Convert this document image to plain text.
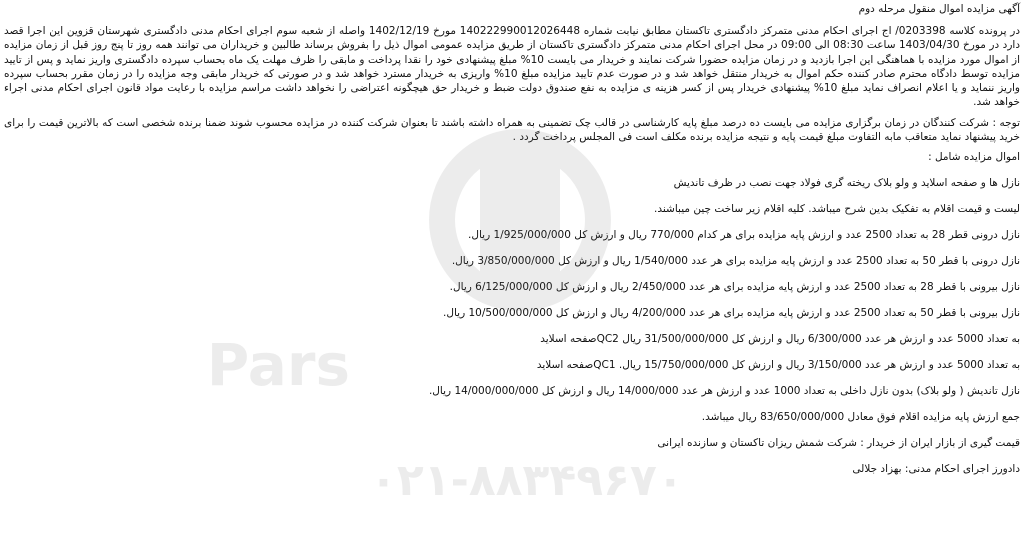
Pars
۰۲۱-۸۸۳۴۹۶۷۰

آگهی مزایده اموال منقول مرحله دوم

در پرونده کلاسه 0203398/ اج اجرای احکام مدنی متمرکز دادگستری تاکستان مطابق نیابت شماره 140222990012026448 مورخ 1402/12/19 واصله از شعبه سوم اجرای احکام مدنی دادگستری شهرستان قزوین این اجرا قصد دارد در مورخ 1403/04/30 ساعت 08:30 الی 09:00 در محل اجرای احکام مدنی متمرکز دادگستری تاکستان از طریق مزایده عمومی اموال ذیل را بفروش برساند طالبین و خریداران می توانند همه روز تا پنج روز قبل از زمان مزایده از اموال مورد مزایده با هماهنگی این اجرا بازدید و در زمان مزایده حضورا شرکت نمایند و خریدار می بایست 10% مبلغ پیشنهادی خود را نقدا پرداخت و مابقی را ظرف مهلت یک ماه بحساب سپرده دادگستری واریز نماید و پس از تایید مزایده توسط دادگاه محترم صادر کننده حکم اموال به خریدار منتقل خواهد شد و در صورت عدم تایید مزایده مبلغ 10% واریزی به خریدار مسترد خواهد شد و در صورتی که خریدار مابقی وجه مزایده را در زمان مقرر بحساب سپرده واریز ننماید و یا اعلام انصراف نماید مبلغ 10% پیشنهادی خریدار پس از کسر هزینه ی مزایده به نفع صندوق دولت ضبط و خریدار حق هیچگونه اعتراضی را نخواهد داشت مراسم مزایده با رعایت مواد قانون اجرای احکام مدنی اجراء خواهد شد.

توجه : شرکت کنندگان در زمان برگزاری مزایده می بایست ده درصد مبلغ پایه کارشناسی در قالب چک تضمینی به همراه داشته باشند تا بعنوان شرکت کننده در مزایده محسوب شوند ضمنا برنده شخصی است که بالاترین قیمت را برای خرید پیشنهاد نماید متعاقب مابه التفاوت مبلغ قیمت پایه و نتیجه مزایده برنده مکلف است فی المجلس پرداخت گردد .

اموال مزایده شامل :

نازل ها و صفحه اسلاید و ولو بلاک ریخته گری فولاد جهت نصب در ظرف تاندیش

لیست و قیمت اقلام به تفکیک بدین شرح میباشد. کلیه اقلام زیر ساخت چین میباشند.

نازل درونی قطر 28 به تعداد 2500 عدد و ارزش پایه مزایده برای هر کدام 770/000 ریال و ارزش کل 1/925/000/000 ریال.

نازل درونی با قطر 50 به تعداد 2500 عدد و ارزش پایه مزایده برای هر عدد 1/540/000 ریال و ارزش کل 3/850/000/000 ریال.

نازل بیرونی با قطر 28 به تعداد 2500 عدد و ارزش پایه مزایده برای هر عدد 2/450/000 ریال و ارزش کل 6/125/000/000 ریال.

نازل بیرونی با قطر 50 به تعداد 2500 عدد و ارزش پایه مزایده برای هر عدد 4/200/000 ریال و ارزش کل 10/500/000/000 ریال.

به تعداد 5000 عدد و ارزش هر عدد 6/300/000 ریال و ارزش کل 31/500/000/000 ریال QC2صفحه اسلاید

به تعداد 5000 عدد و ارزش هر عدد 3/150/000 ریال و ارزش کل 15/750/000/000 ریال. QC1صفحه اسلاید

نازل تاندیش ( ولو بلاک) بدون نازل داخلی به تعداد 1000 عدد و ارزش هر عدد 14/000/000 ریال و ارزش کل 14/000/000/000 ریال.

جمع ارزش پایه مزایده اقلام فوق معادل 83/650/000/000 ریال میباشد.

قیمت گیری از بازار ایران از خریدار : شرکت شمش ریزان تاکستان و سازنده ایرانی

دادورز اجرای احکام مدنی: بهزاد جلالی
